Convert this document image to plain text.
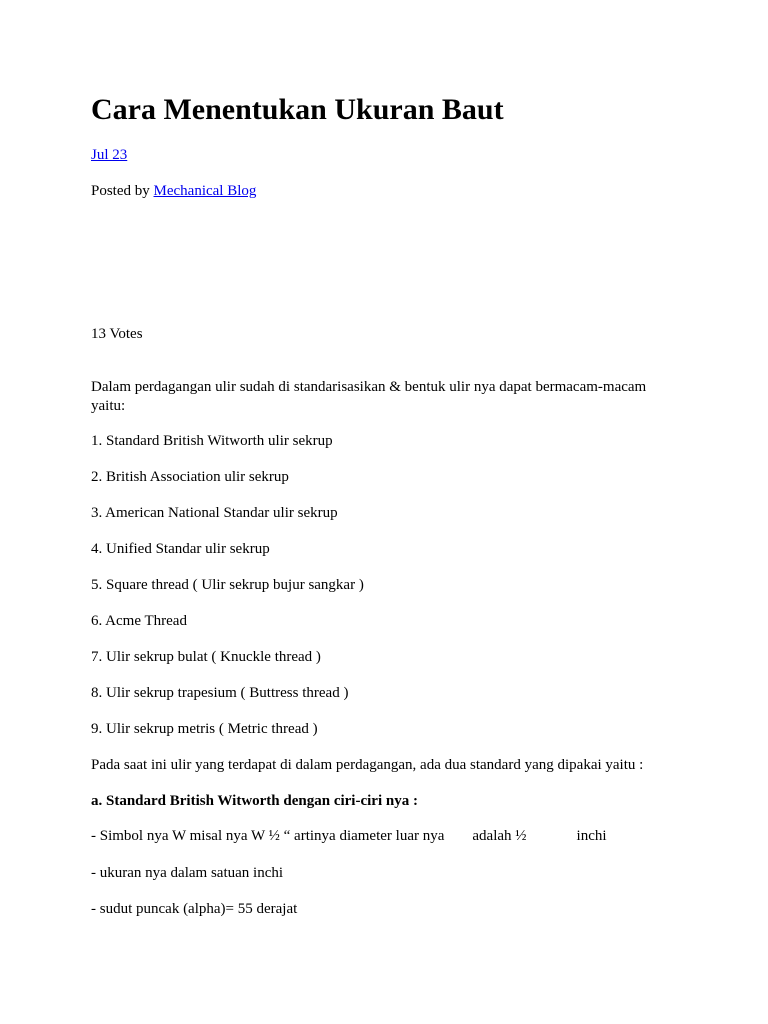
Cara Menentukan Ukuran Baut
Jul 23
Posted by Mechanical Blog
13 Votes
Dalam perdagangan ulir sudah di standarisasikan & bentuk ulir nya dapat bermacam-macam yaitu:
1. Standard British Witworth ulir sekrup
2. British Association ulir sekrup
3. American National Standar ulir sekrup
4. Unified Standar ulir sekrup
5. Square thread ( Ulir sekrup bujur sangkar )
6. Acme Thread
7. Ulir sekrup bulat ( Knuckle thread )
8. Ulir sekrup trapesium ( Buttress thread )
9. Ulir sekrup metris ( Metric thread )
Pada saat ini ulir yang terdapat di dalam perdagangan, ada dua standard yang dipakai yaitu :
a. Standard British Witworth dengan ciri-ciri nya :
- Simbol nya W misal nya W ½ “ artinya diameter luar nya adalah ½	inchi
- ukuran nya dalam satuan inchi
- sudut puncak (alpha)= 55 derajat
